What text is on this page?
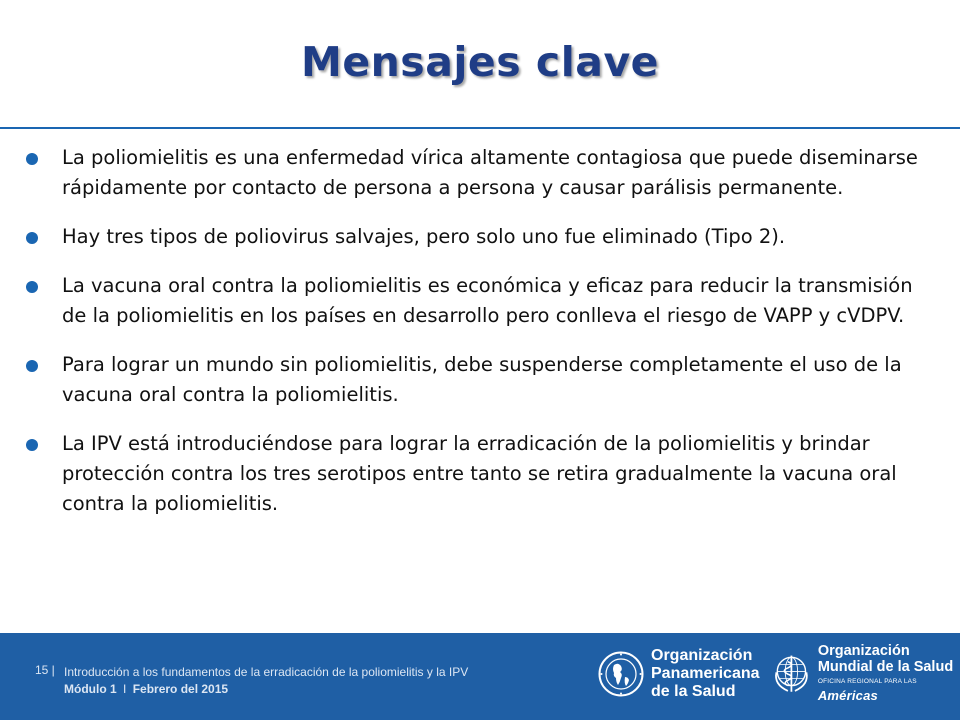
Mensajes clave
La poliomielitis es una enfermedad vírica altamente contagiosa que puede diseminarse rápidamente por contacto de persona a persona y causar parálisis permanente.
Hay tres tipos de poliovirus salvajes, pero solo uno fue eliminado (Tipo 2).
La vacuna oral contra la poliomielitis es económica y eficaz para reducir la transmisión de la poliomielitis en los países en desarrollo pero conlleva el riesgo de VAPP y cVDPV.
Para lograr un mundo sin poliomielitis, debe suspenderse completamente el uso de la vacuna oral contra la poliomielitis.
La IPV está introduciéndose para lograr la erradicación de la poliomielitis y brindar protección contra los tres serotipos entre tanto se retira gradualmente la vacuna oral contra la poliomielitis.
15 | Introducción a los fundamentos de la erradicación de la poliomielitis y la IPV
Módulo 1 I Febrero del 2015
Organización
Panamericana
de la Salud
Organización
Mundial de la Salud
OFICINA REGIONAL PARA LAS Américas
